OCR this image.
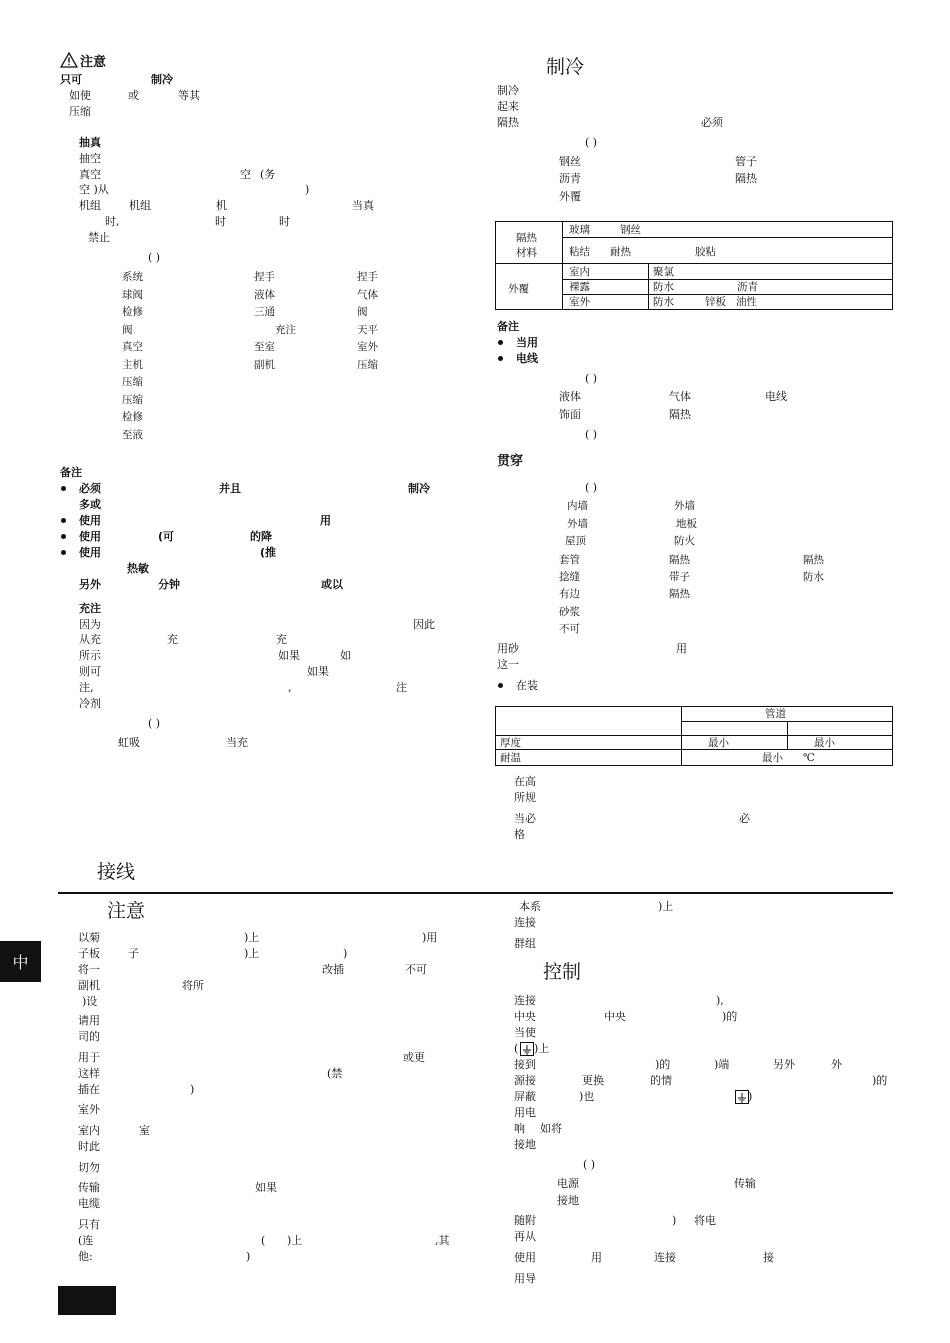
注意
只可	制冷
如使	或	等其
压缩
抽真
抽空
真空	空 (务
空 )从	)
机组	机组	机	当真
时,	时	时
禁止
( )
系统	捏手	捏手
球阀	液体	气体
检修	三通	阀
阀	充注	天平
真空	至室	室外
主机	副机	压缩
压缩
压缩
检修
至液
备注
必须	并且	制冷
多或
使用	用
使用	(可	的降
使用	(推
热敏
另外	分钟	或以
充注
因为	因此
从充	充	充
所示	如果	如
则可	如果
注,	,	注
冷剂
( )
虹吸	当充
制冷
制冷
起来
隔热	必须
( )
钢丝	管子
沥青	隔热
外覆
隔热材料
玻璃	钢丝
粘结 耐热	胶粘
外覆
室内	聚氯
裸露	防水	沥青
室外	防水	锌板 油性
备注
当用
电线
( )
液体	气体	电线
饰面	隔热
( )
贯穿
( )
内墙	外墙
外墙	地板
屋顶	防火
套管	隔热	隔热
捻缝	带子	防水
有边	隔热
砂浆
不可
用砂	用
这一
在装
管道
厚度	最小	最小
耐温	最小 ℃
在高
所规
当必	必
格
接线
注意
以菊	)上	)用
子板	子	)上	)
将一	改插	不可
副机	将所
)设
请用
司的
用于	或更
这样	(禁
插在	)
室外
室内	室
时此
切勿
传输	如果
电缆
只有
(连	( )上	,其
他:	)
本系	)上
连接
群组
控制
连接	),
中央	中央	)的
当使
)上
接到	)的	)端	另外	外
源接	更换	的情	)的
屏蔽	)也	)
用电
响 如将
接地
(
( )
电源	传输
接地
随附	) 将电
再从
使用	用	连接	接
用导
中
